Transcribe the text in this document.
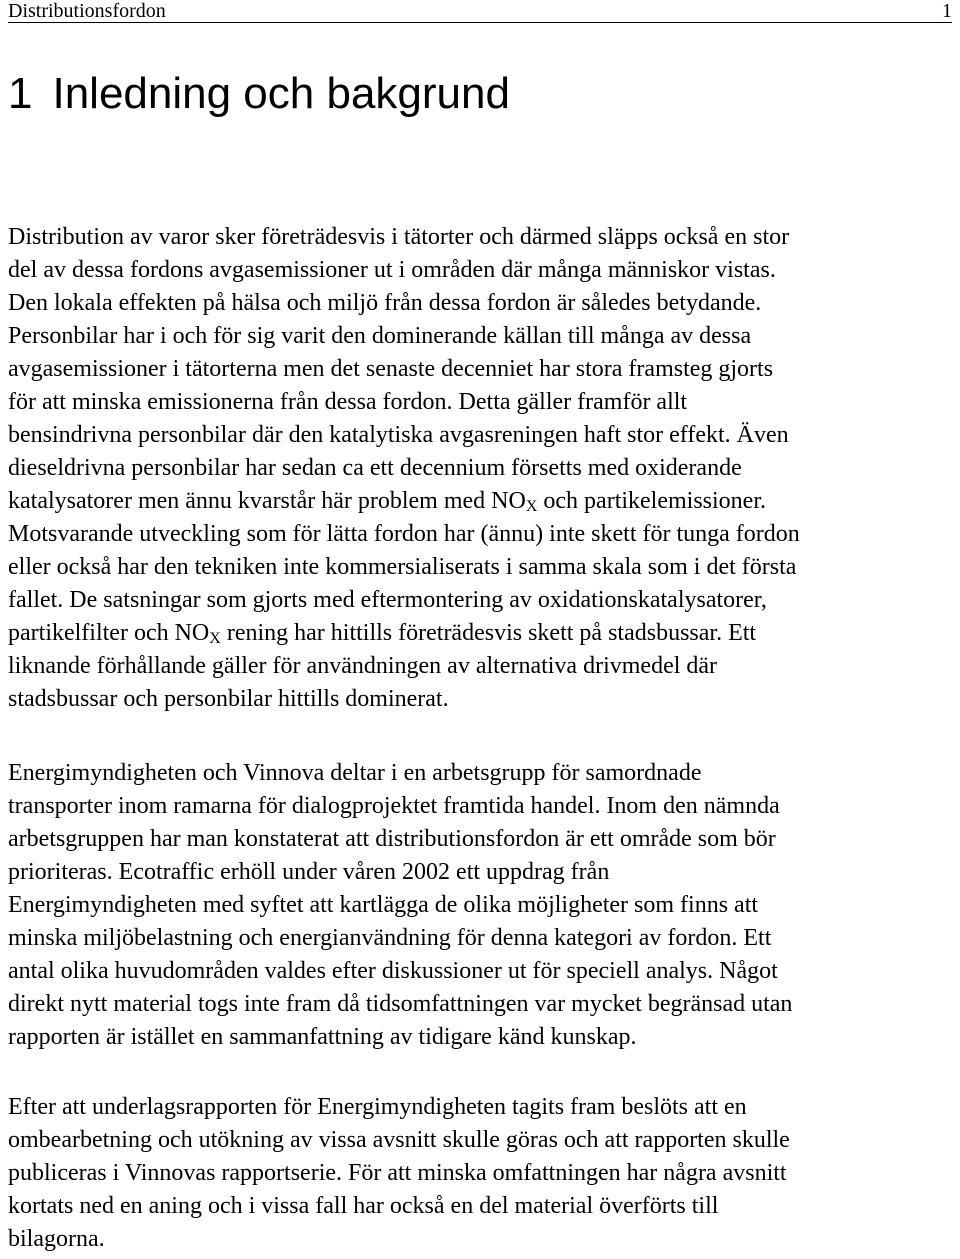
Distributionsfordon	1
1 Inledning och bakgrund

Distribution av varor sker företrädesvis i tätorter och därmed släpps också en stor
del av dessa fordons avgasemissioner ut i områden där många människor vistas.
Den lokala effekten på hälsa och miljö från dessa fordon är således betydande.
Personbilar har i och för sig varit den dominerande källan till många av dessa
avgasemissioner i tätorterna men det senaste decenniet har stora framsteg gjorts
för att minska emissionerna från dessa fordon. Detta gäller framför allt
bensindrivna personbilar där den katalytiska avgasreningen haft stor effekt. Även
dieseldrivna personbilar har sedan ca ett decennium försetts med oxiderande
katalysatorer men ännu kvarstår här problem med $NO_X$ och partikelemissioner.
Motsvarande utveckling som för lätta fordon har (ännu) inte skett för tunga fordon
eller också har den tekniken inte kommersialiserats i samma skala som i det första
fallet. De satsningar som gjorts med eftermontering av oxidationskatalysatorer,
partikelfilter och $NO_X$ rening har hittills företrädesvis skett på stadsbussar. Ett
liknande förhållande gäller för användningen av alternativa drivmedel där
stadsbussar och personbilar hittills dominerat.

Energimyndigheten och Vinnova deltar i en arbetsgrupp för samordnade
transporter inom ramarna för dialogprojektet framtida handel. Inom den nämnda
arbetsgruppen har man konstaterat att distributionsfordon är ett område som bör
prioriteras. Ecotraffic erhöll under våren 2002 ett uppdrag från
Energimyndigheten med syftet att kartlägga de olika möjligheter som finns att
minska miljöbelastning och energianvändning för denna kategori av fordon. Ett
antal olika huvudområden valdes efter diskussioner ut för speciell analys. Något
direkt nytt material togs inte fram då tidsomfattningen var mycket begränsad utan
rapporten är istället en sammanfattning av tidigare känd kunskap.

Efter att underlagsrapporten för Energimyndigheten tagits fram beslöts att en
ombearbetning och utökning av vissa avsnitt skulle göras och att rapporten skulle
publiceras i Vinnovas rapportserie. För att minska omfattningen har några avsnitt
kortats ned en aning och i vissa fall har också en del material överförts till
bilagorna.
